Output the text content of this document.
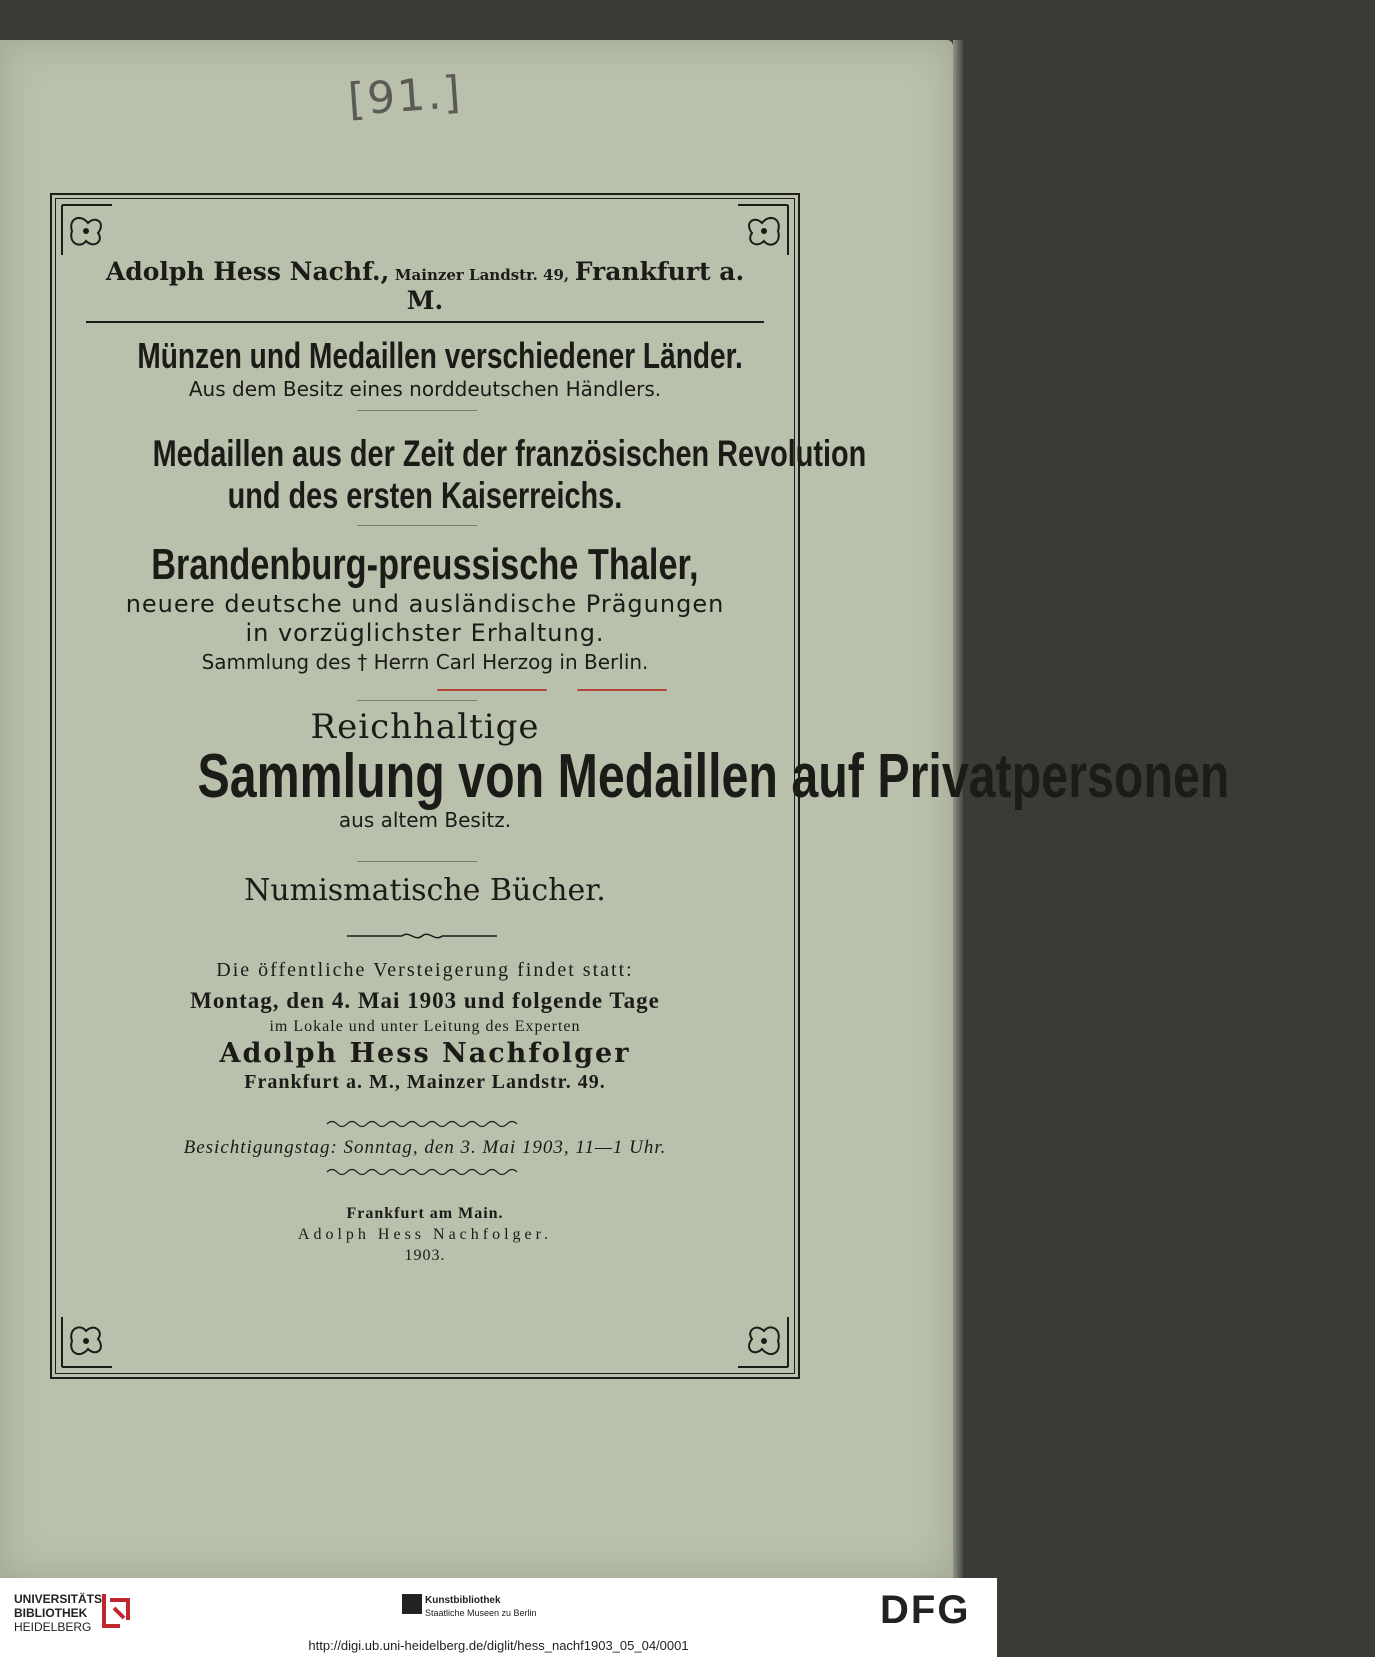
[91.]
Adolph Hess Nachf., Mainzer Landstr. 49, Frankfurt a. M.
Münzen und Medaillen verschiedener Länder.
Aus dem Besitz eines norddeutschen Händlers.
Medaillen aus der Zeit der französischen Revolution
und des ersten Kaiserreichs.
Brandenburg-preussische Thaler,
neuere deutsche und ausländische Prägungen
in vorzüglichster Erhaltung.
Sammlung des † Herrn Carl Herzog in Berlin.
Reichhaltige
Sammlung von Medaillen auf Privatpersonen
aus altem Besitz.
Numismatische Bücher.
Die öffentliche Versteigerung findet statt:
Montag, den 4. Mai 1903 und folgende Tage
im Lokale und unter Leitung des Experten
Adolph Hess Nachfolger
Frankfurt a. M., Mainzer Landstr. 49.
Besichtigungstag: Sonntag, den 3. Mai 1903, 11—1 Uhr.
Frankfurt am Main.
Adolph Hess Nachfolger.
1903.
UNIVERSITÄTS-
BIBLIOTHEK
HEIDELBERG
Kunstbibliothek
Staatliche Museen zu Berlin	DFG
http://digi.ub.uni-heidelberg.de/diglit/hess_nachf1903_05_04/0001
